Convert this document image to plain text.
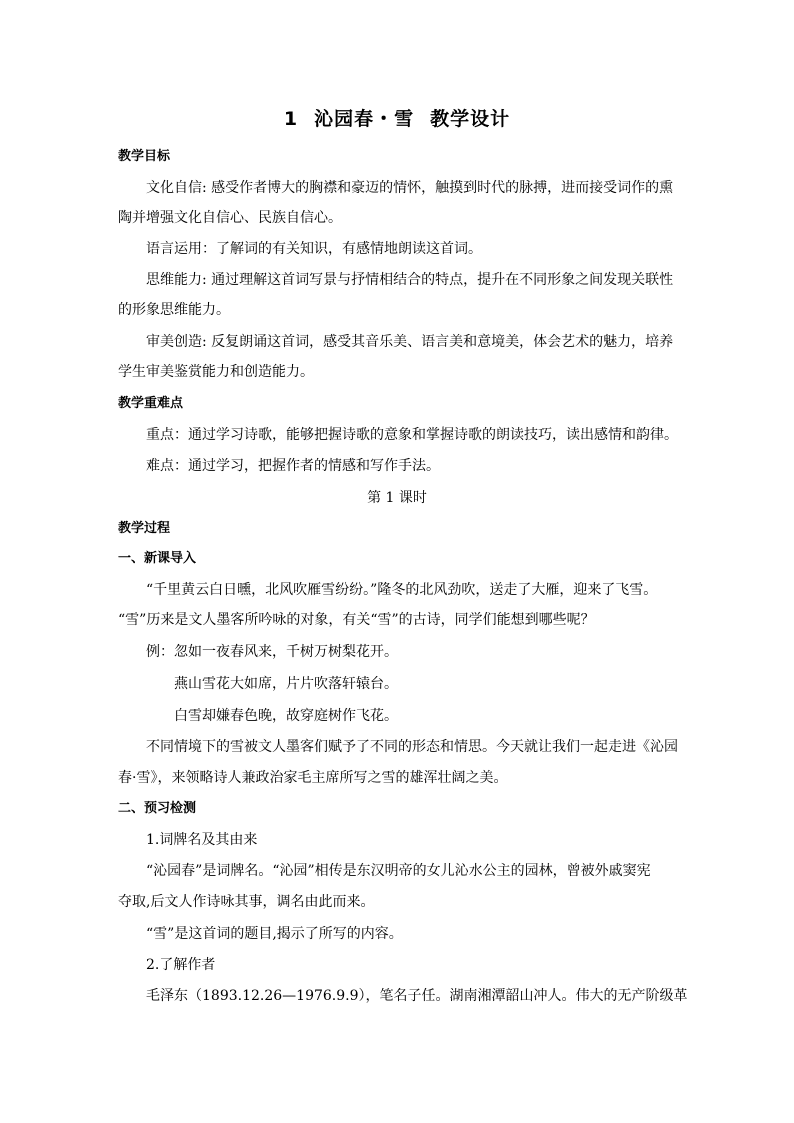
1 沁园春・雪 教学设计
教学目标
文化自信: 感受作者博大的胸襟和豪迈的情怀，触摸到时代的脉搏，进而接受词作的熏
陶并增强文化自信心、民族自信心。
语言运用：了解词的有关知识，有感情地朗读这首词。
思维能力: 通过理解这首词写景与抒情相结合的特点，提升在不同形象之间发现关联性
的形象思维能力。
审美创造: 反复朗诵这首词，感受其音乐美、语言美和意境美，体会艺术的魅力，培养
学生审美鉴赏能力和创造能力。
教学重难点
重点：通过学习诗歌，能够把握诗歌的意象和掌握诗歌的朗读技巧，读出感情和韵律。
难点：通过学习，把握作者的情感和写作手法。
第 1 课时
教学过程
一、新课导入
“千里黄云白日曛，北风吹雁雪纷纷。”隆冬的北风劲吹，送走了大雁，迎来了飞雪。
“雪”历来是文人墨客所吟咏的对象，有关“雪”的古诗，同学们能想到哪些呢？
例：忽如一夜春风来，千树万树梨花开。
燕山雪花大如席，片片吹落轩辕台。
白雪却嫌春色晚，故穿庭树作飞花。
不同情境下的雪被文人墨客们赋予了不同的形态和情思。今天就让我们一起走进《沁园
春·雪》，来领略诗人兼政治家毛主席所写之雪的雄浑壮阔之美。
二、预习检测
1.词牌名及其由来
“沁园春”是词牌名。“沁园”相传是东汉明帝的女儿沁水公主的园林，曾被外戚窦宪
夺取,后文人作诗咏其事，调名由此而来。
“雪”是这首词的题目,揭示了所写的内容。
2.了解作者
毛泽东（1893.12.26—1976.9.9），笔名子任。湖南湘潭韶山冲人。伟大的无产阶级革
